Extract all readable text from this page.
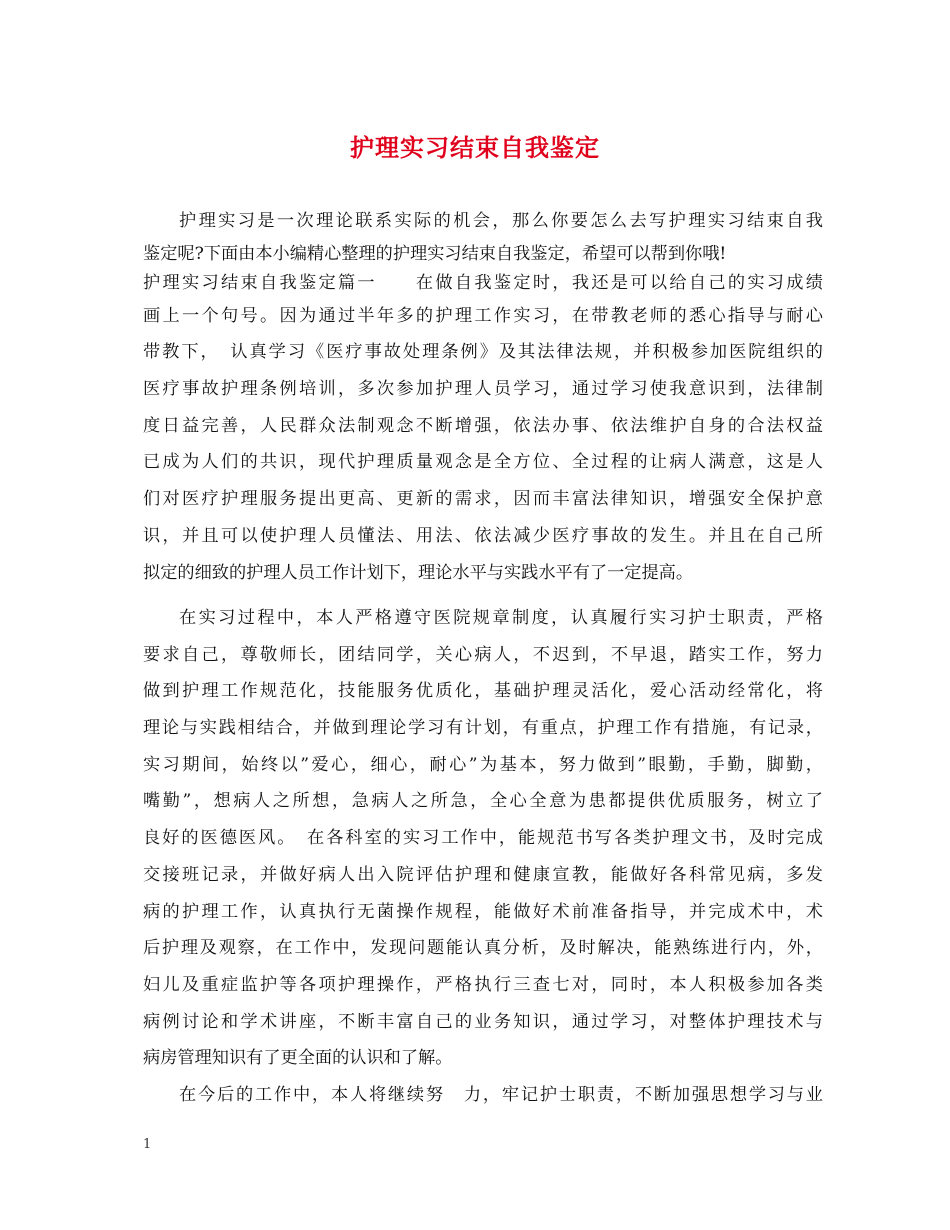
护理实习结束自我鉴定
护理实习是一次理论联系实际的机会，那么你要怎么去写护理实习结束自我
鉴定呢?下面由本小编精心整理的护理实习结束自我鉴定，希望可以帮到你哦!
护理实习结束自我鉴定篇一　　在做自我鉴定时，我还是可以给自己的实习成绩
画上一个句号。因为通过半年多的护理工作实习，在带教老师的悉心指导与耐心
带教下，　认真学习《医疗事故处理条例》及其法律法规，并积极参加医院组织的
医疗事故护理条例培训，多次参加护理人员学习，通过学习使我意识到，法律制
度日益完善，人民群众法制观念不断增强，依法办事、依法维护自身的合法权益
已成为人们的共识，现代护理质量观念是全方位、全过程的让病人满意，这是人
们对医疗护理服务提出更高、更新的需求，因而丰富法律知识，增强安全保护意
识，并且可以使护理人员懂法、用法、依法减少医疗事故的发生。并且在自己所
拟定的细致的护理人员工作计划下，理论水平与实践水平有了一定提高。
在实习过程中，本人严格遵守医院规章制度，认真履行实习护士职责，严格
要求自己，尊敬师长，团结同学，关心病人，不迟到，不早退，踏实工作，努力
做到护理工作规范化，技能服务优质化，基础护理灵活化，爱心活动经常化，将
理论与实践相结合，并做到理论学习有计划，有重点，护理工作有措施，有记录，
实习期间，始终以”爱心，细心，耐心”为基本，努力做到”眼勤，手勤，脚勤，
嘴勤”，想病人之所想，急病人之所急，全心全意为患都提供优质服务，树立了
良好的医德医风。　在各科室的实习工作中，能规范书写各类护理文书，及时完成
交接班记录，并做好病人出入院评估护理和健康宣教，能做好各科常见病，多发
病的护理工作，认真执行无菌操作规程，能做好术前准备指导，并完成术中，术
后护理及观察，在工作中，发现问题能认真分析，及时解决，能熟练进行内，外，
妇儿及重症监护等各项护理操作，严格执行三查七对，同时，本人积极参加各类
病例讨论和学术讲座，不断丰富自己的业务知识，通过学习，对整体护理技术与
病房管理知识有了更全面的认识和了解。
在今后的工作中，本人将继续努　力，牢记护士职责，不断加强思想学习与业
1
